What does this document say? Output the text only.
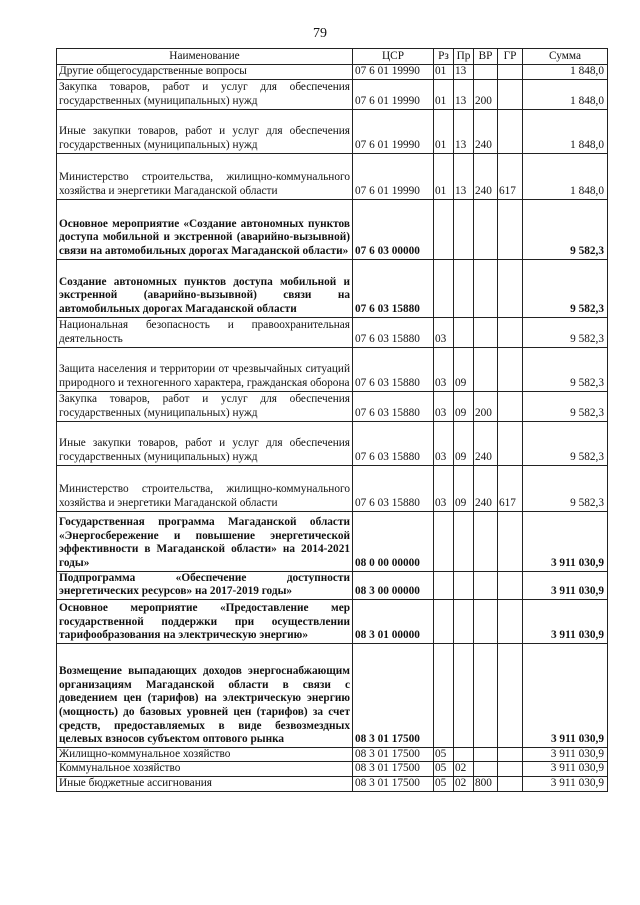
79
Наименование	ЦСР	Рз	Пр	ВР	ГР	Сумма
Другие общегосударственные вопросы	07 6 01 19990	01	13			1 848,0
Закупка товаров, работ и услуг для обеспечения государственных (муниципальных) нужд	07 6 01 19990	01	13	200		1 848,0
Иные закупки товаров, работ и услуг для обеспечения государственных (муниципальных) нужд	07 6 01 19990	01	13	240		1 848,0
Министерство строительства, жилищно-коммунального хозяйства и энергетики Магаданской области	07 6 01 19990	01	13	240	617	1 848,0
Основное мероприятие «Создание автономных пунктов доступа мобильной и экстренной (аварийно-вызывной) связи на автомобильных дорогах Магаданской области»	07 6 03 00000					9 582,3
Создание автономных пунктов доступа мобильной и экстренной (аварийно-вызывной) связи на автомобильных дорогах Магаданской области	07 6 03 15880					9 582,3
Национальная безопасность и правоохранительная деятельность	07 6 03 15880	03				9 582,3
Защита населения и территории от чрезвычайных ситуаций природного и техногенного характера, гражданская оборона	07 6 03 15880	03	09			9 582,3
Закупка товаров, работ и услуг для обеспечения государственных (муниципальных) нужд	07 6 03 15880	03	09	200		9 582,3
Иные закупки товаров, работ и услуг для обеспечения государственных (муниципальных) нужд	07 6 03 15880	03	09	240		9 582,3
Министерство строительства, жилищно-коммунального хозяйства и энергетики Магаданской области	07 6 03 15880	03	09	240	617	9 582,3
Государственная программа Магаданской области «Энергосбережение и повышение энергетической эффективности в Магаданской области» на 2014-2021 годы»	08 0 00 00000					3 911 030,9
Подпрограмма «Обеспечение доступности энергетических ресурсов» на 2017-2019 годы»	08 3 00 00000					3 911 030,9
Основное мероприятие «Предоставление мер государственной поддержки при осуществлении тарифообразования на электрическую энергию»	08 3 01 00000					3 911 030,9
Возмещение выпадающих доходов энергоснабжающим организациям Магаданской области в связи с доведением цен (тарифов) на электрическую энергию (мощность) до базовых уровней цен (тарифов) за счет средств, предоставляемых в виде безвозмездных целевых взносов субъектом оптового рынка	08 3 01 17500					3 911 030,9
Жилищно-коммунальное хозяйство	08 3 01 17500	05				3 911 030,9
Коммунальное хозяйство	08 3 01 17500	05	02			3 911 030,9
Иные бюджетные ассигнования	08 3 01 17500	05	02	800		3 911 030,9
